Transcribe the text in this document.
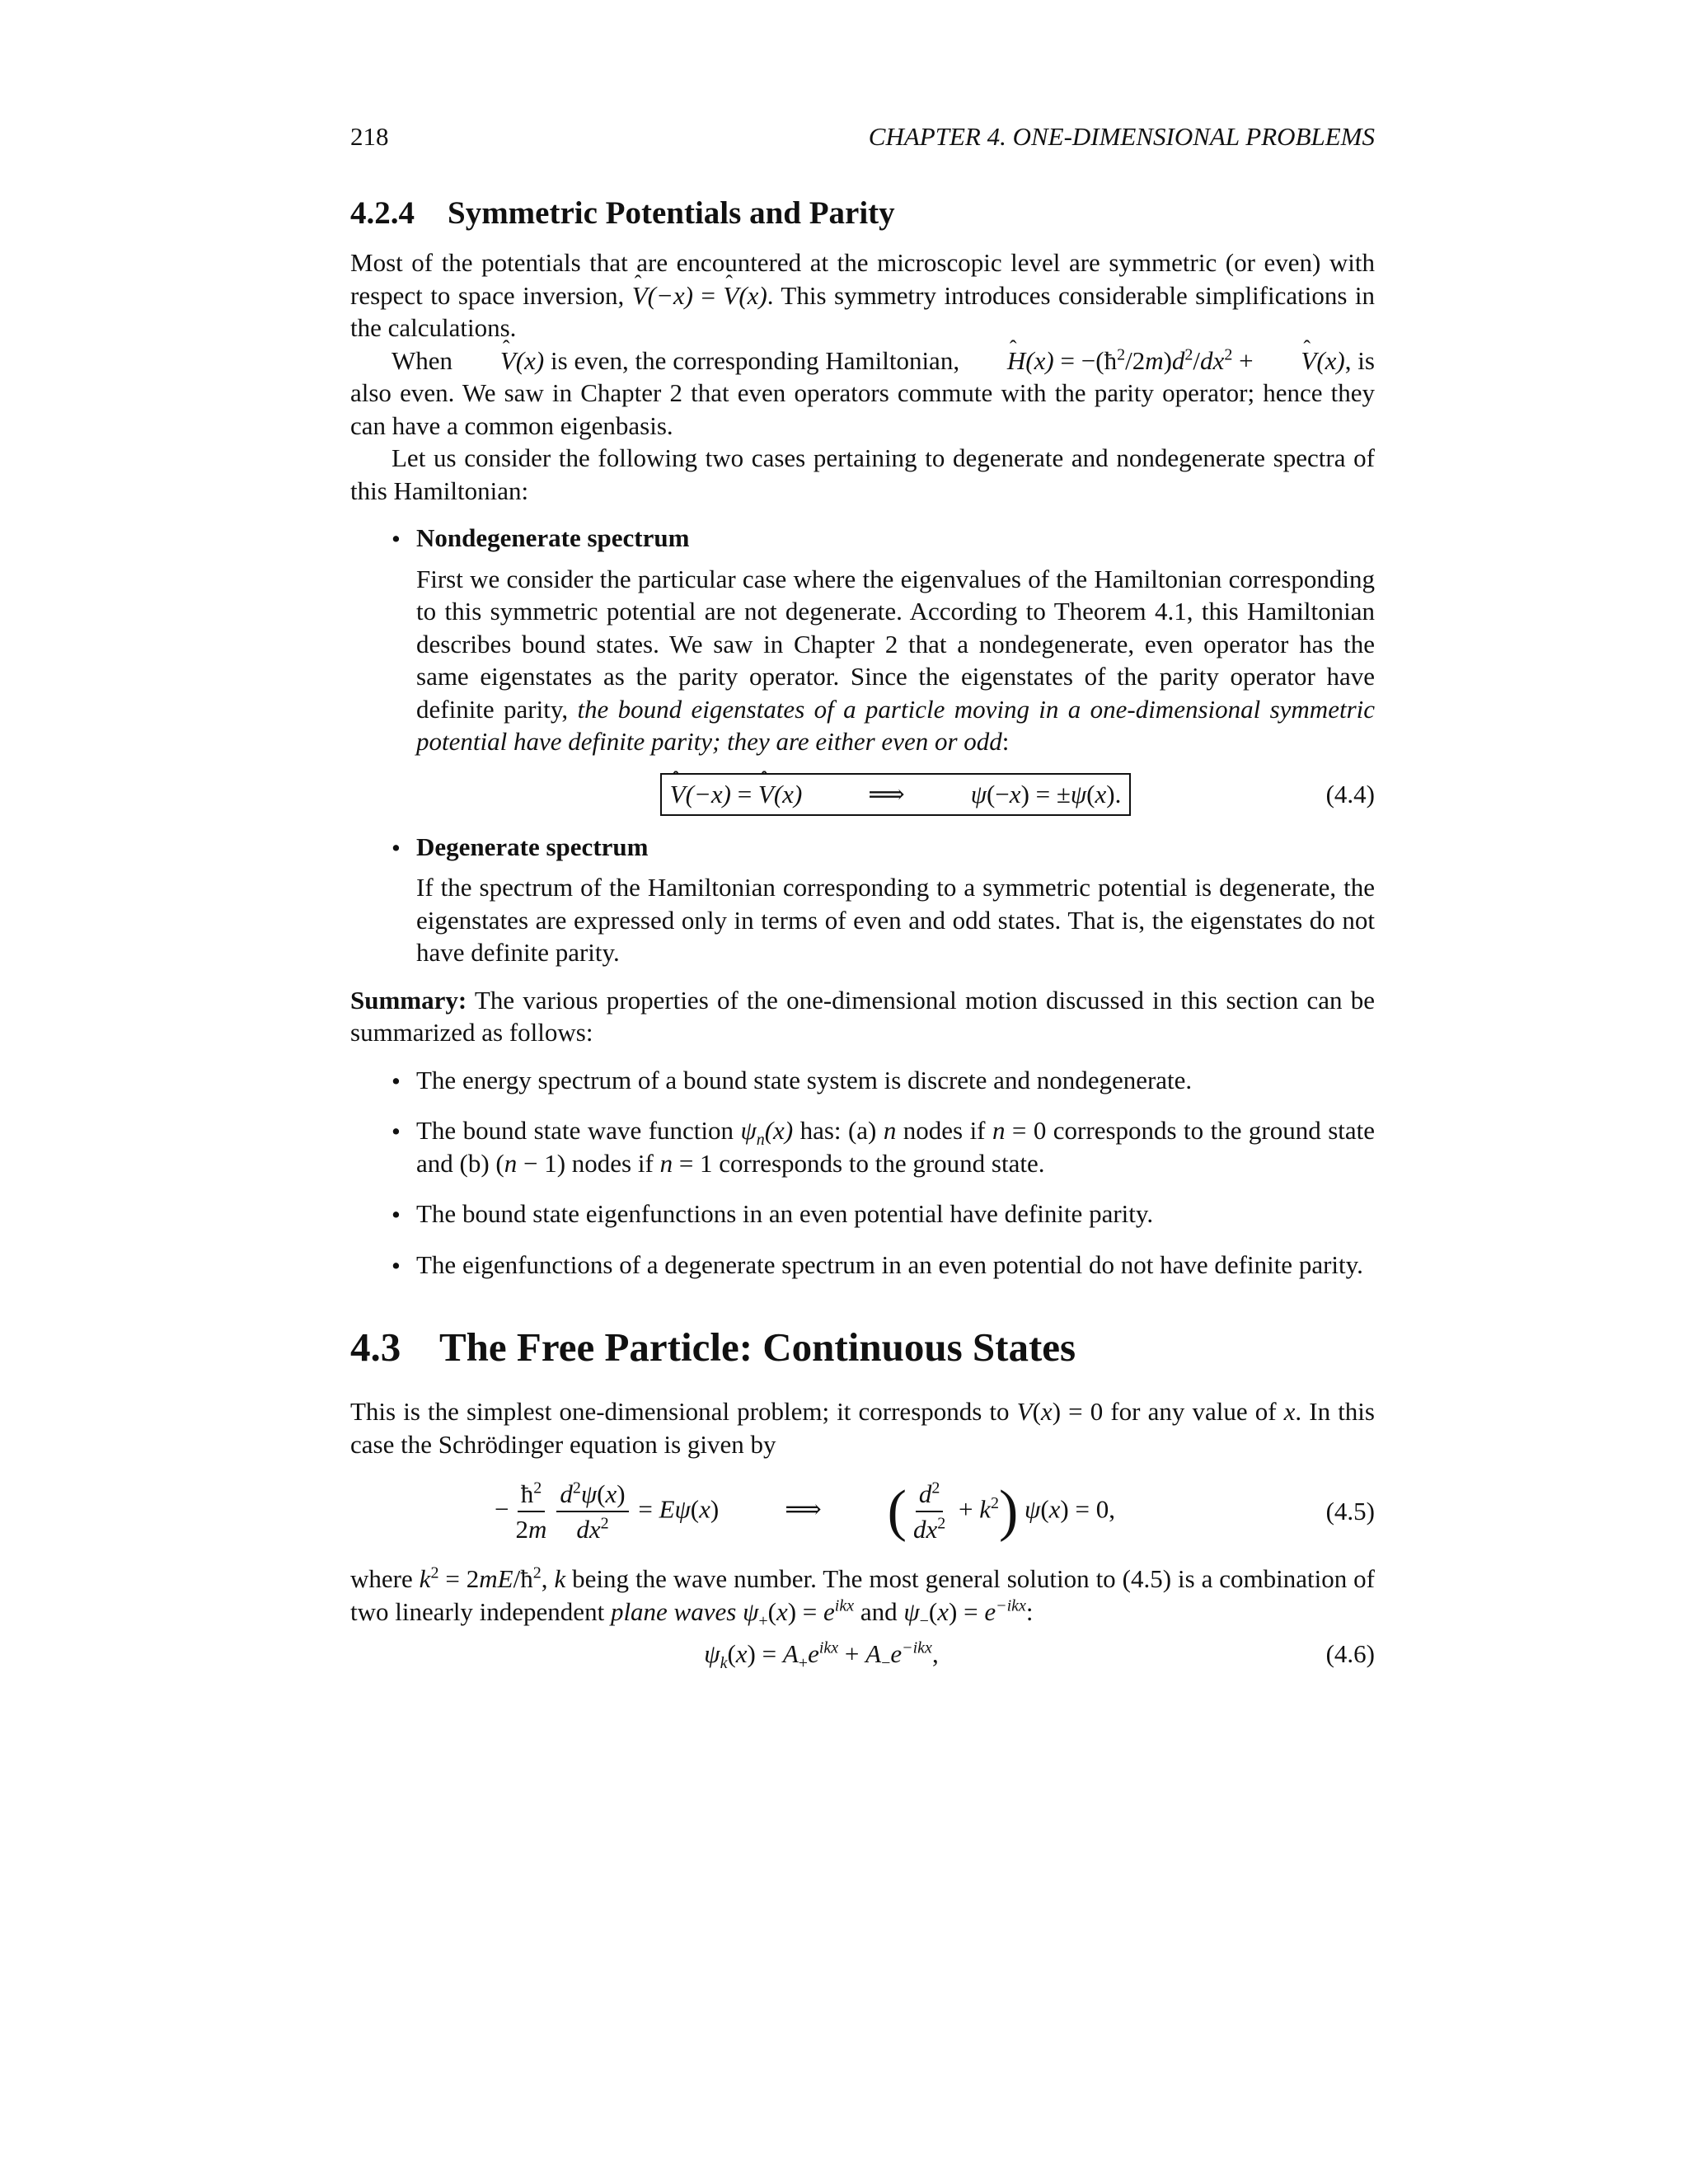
218	CHAPTER 4. ONE-DIMENSIONAL PROBLEMS
4.2.4 Symmetric Potentials and Parity

Most of the potentials that are encountered at the microscopic level are symmetric (or even) with respect to space inversion, ˆ V(−x) = ˆ V(x). This symmetry introduces considerable simplifications in the calculations.

When ˆ V(x) is even, the corresponding Hamiltonian, ˆ $H(x) = -(ħ^2/2m)d^2/dx^2$ + ˆ V(x), is also even. We saw in Chapter 2 that even operators commute with the parity operator; hence they can have a common eigenbasis.

Let us consider the following two cases pertaining to degenerate and nondegenerate spectra of this Hamiltonian:

• Nondegenerate spectrum

First we consider the particular case where the eigenvalues of the Hamiltonian corresponding to this symmetric potential are not degenerate. According to Theorem 4.1, this Hamiltonian describes bound states. We saw in Chapter 2 that a nondegenerate, even operator has the same eigenstates as the parity operator. Since the eigenstates of the parity operator have definite parity, the bound eigenstates of a particle moving in a one-dimensional symmetric potential have definite parity; they are either even or odd:

ˆ V(−x) = ˆ V(x)	⟹	ψ(−x) = ±ψ(x).	(4.4)
• Degenerate spectrum

If the spectrum of the Hamiltonian corresponding to a symmetric potential is degenerate, the eigenstates are expressed only in terms of even and odd states. That is, the eigenstates do not have definite parity.

Summary: The various properties of the one-dimensional motion discussed in this section can be summarized as follows:

• The energy spectrum of a bound state system is discrete and nondegenerate.

• The bound state wave function $\psi_n(x)$ has: (a) n nodes if n = 0 corresponds to the ground state and (b) (n − 1) nodes if n = 1 corresponds to the ground state.

• The bound state eigenfunctions in an even potential have definite parity.

• The eigenfunctions of a degenerate spectrum in an even potential do not have definite parity.

4.3 The Free Particle: Continuous States

This is the simplest one-dimensional problem; it corresponds to V(x) = 0 for any value of x. In this case the Schrödinger equation is given by

− $\frac{ħ^2}{2m} \frac{d^2\psi(x)}{dx^2} = E\psi(x)$	⟹ ( $\frac{d^2}{dx^2} + k^2$) ψ(x) = 0,	(4.5)

where $k^2$ = $2mE/ħ^2$, k being the wave number. The most general solution to (4.5) is a combination of two linearly independent plane waves $\psi_+(x) = e^{ikx}$ and $\psi_-(x) = e^{-ikx}$:

$\psi_k(x) = A_+e^{ikx} + A_-e^{-ikx}$,	(4.6)
